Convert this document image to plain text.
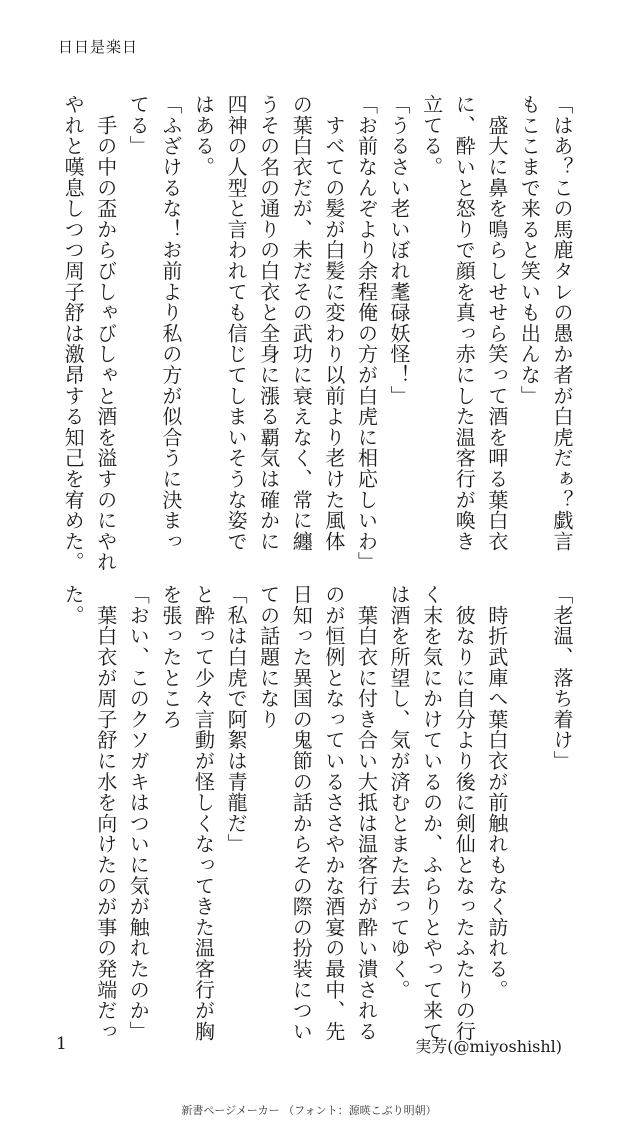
日日是楽日
「はあ？この馬鹿タレの愚か者が白虎だぁ？戯言
もここまで来ると笑いも出んな」
　盛大に鼻を鳴らしせせら笑って酒を呷る葉白衣
に、酔いと怒りで顔を真っ赤にした温客行が喚き
立てる。
「うるさい老いぼれ耄碌妖怪！」
「お前なんぞより余程俺の方が白虎に相応しいわ」
　すべての髪が白髪に変わり以前より老けた風体
の葉白衣だが、未だその武功に衰えなく、常に纏
うその名の通りの白衣と全身に漲る覇気は確かに
四神の人型と言われても信じてしまいそうな姿で
はある。
「ふざけるな！お前より私の方が似合うに決まっ
てる」
　手の中の盃からびしゃびしゃと酒を溢すのにやれ
やれと嘆息しつつ周子舒は激昂する知己を宥めた。
「老温、落ち着け」

　時折武庫へ葉白衣が前触れもなく訪れる。
　彼なりに自分より後に剣仙となったふたりの行
く末を気にかけているのか、ふらりとやって来て
は酒を所望し、気が済むとまた去ってゆく。
　葉白衣に付き合い大抵は温客行が酔い潰される
のが恒例となっているささやかな酒宴の最中、先
日知った異国の鬼節の話からその際の扮装につい
ての話題になり
「私は白虎で阿絮は青龍だ」
と酔って少々言動が怪しくなってきた温客行が胸
を張ったところ
「おい、このクソガキはついに気が触れたのか」
　葉白衣が周子舒に水を向けたのが事の発端だっ
た。
1	実芳(@miyoshishl)
新書ページメーカー （フォント：源暎こぶり明朝）
